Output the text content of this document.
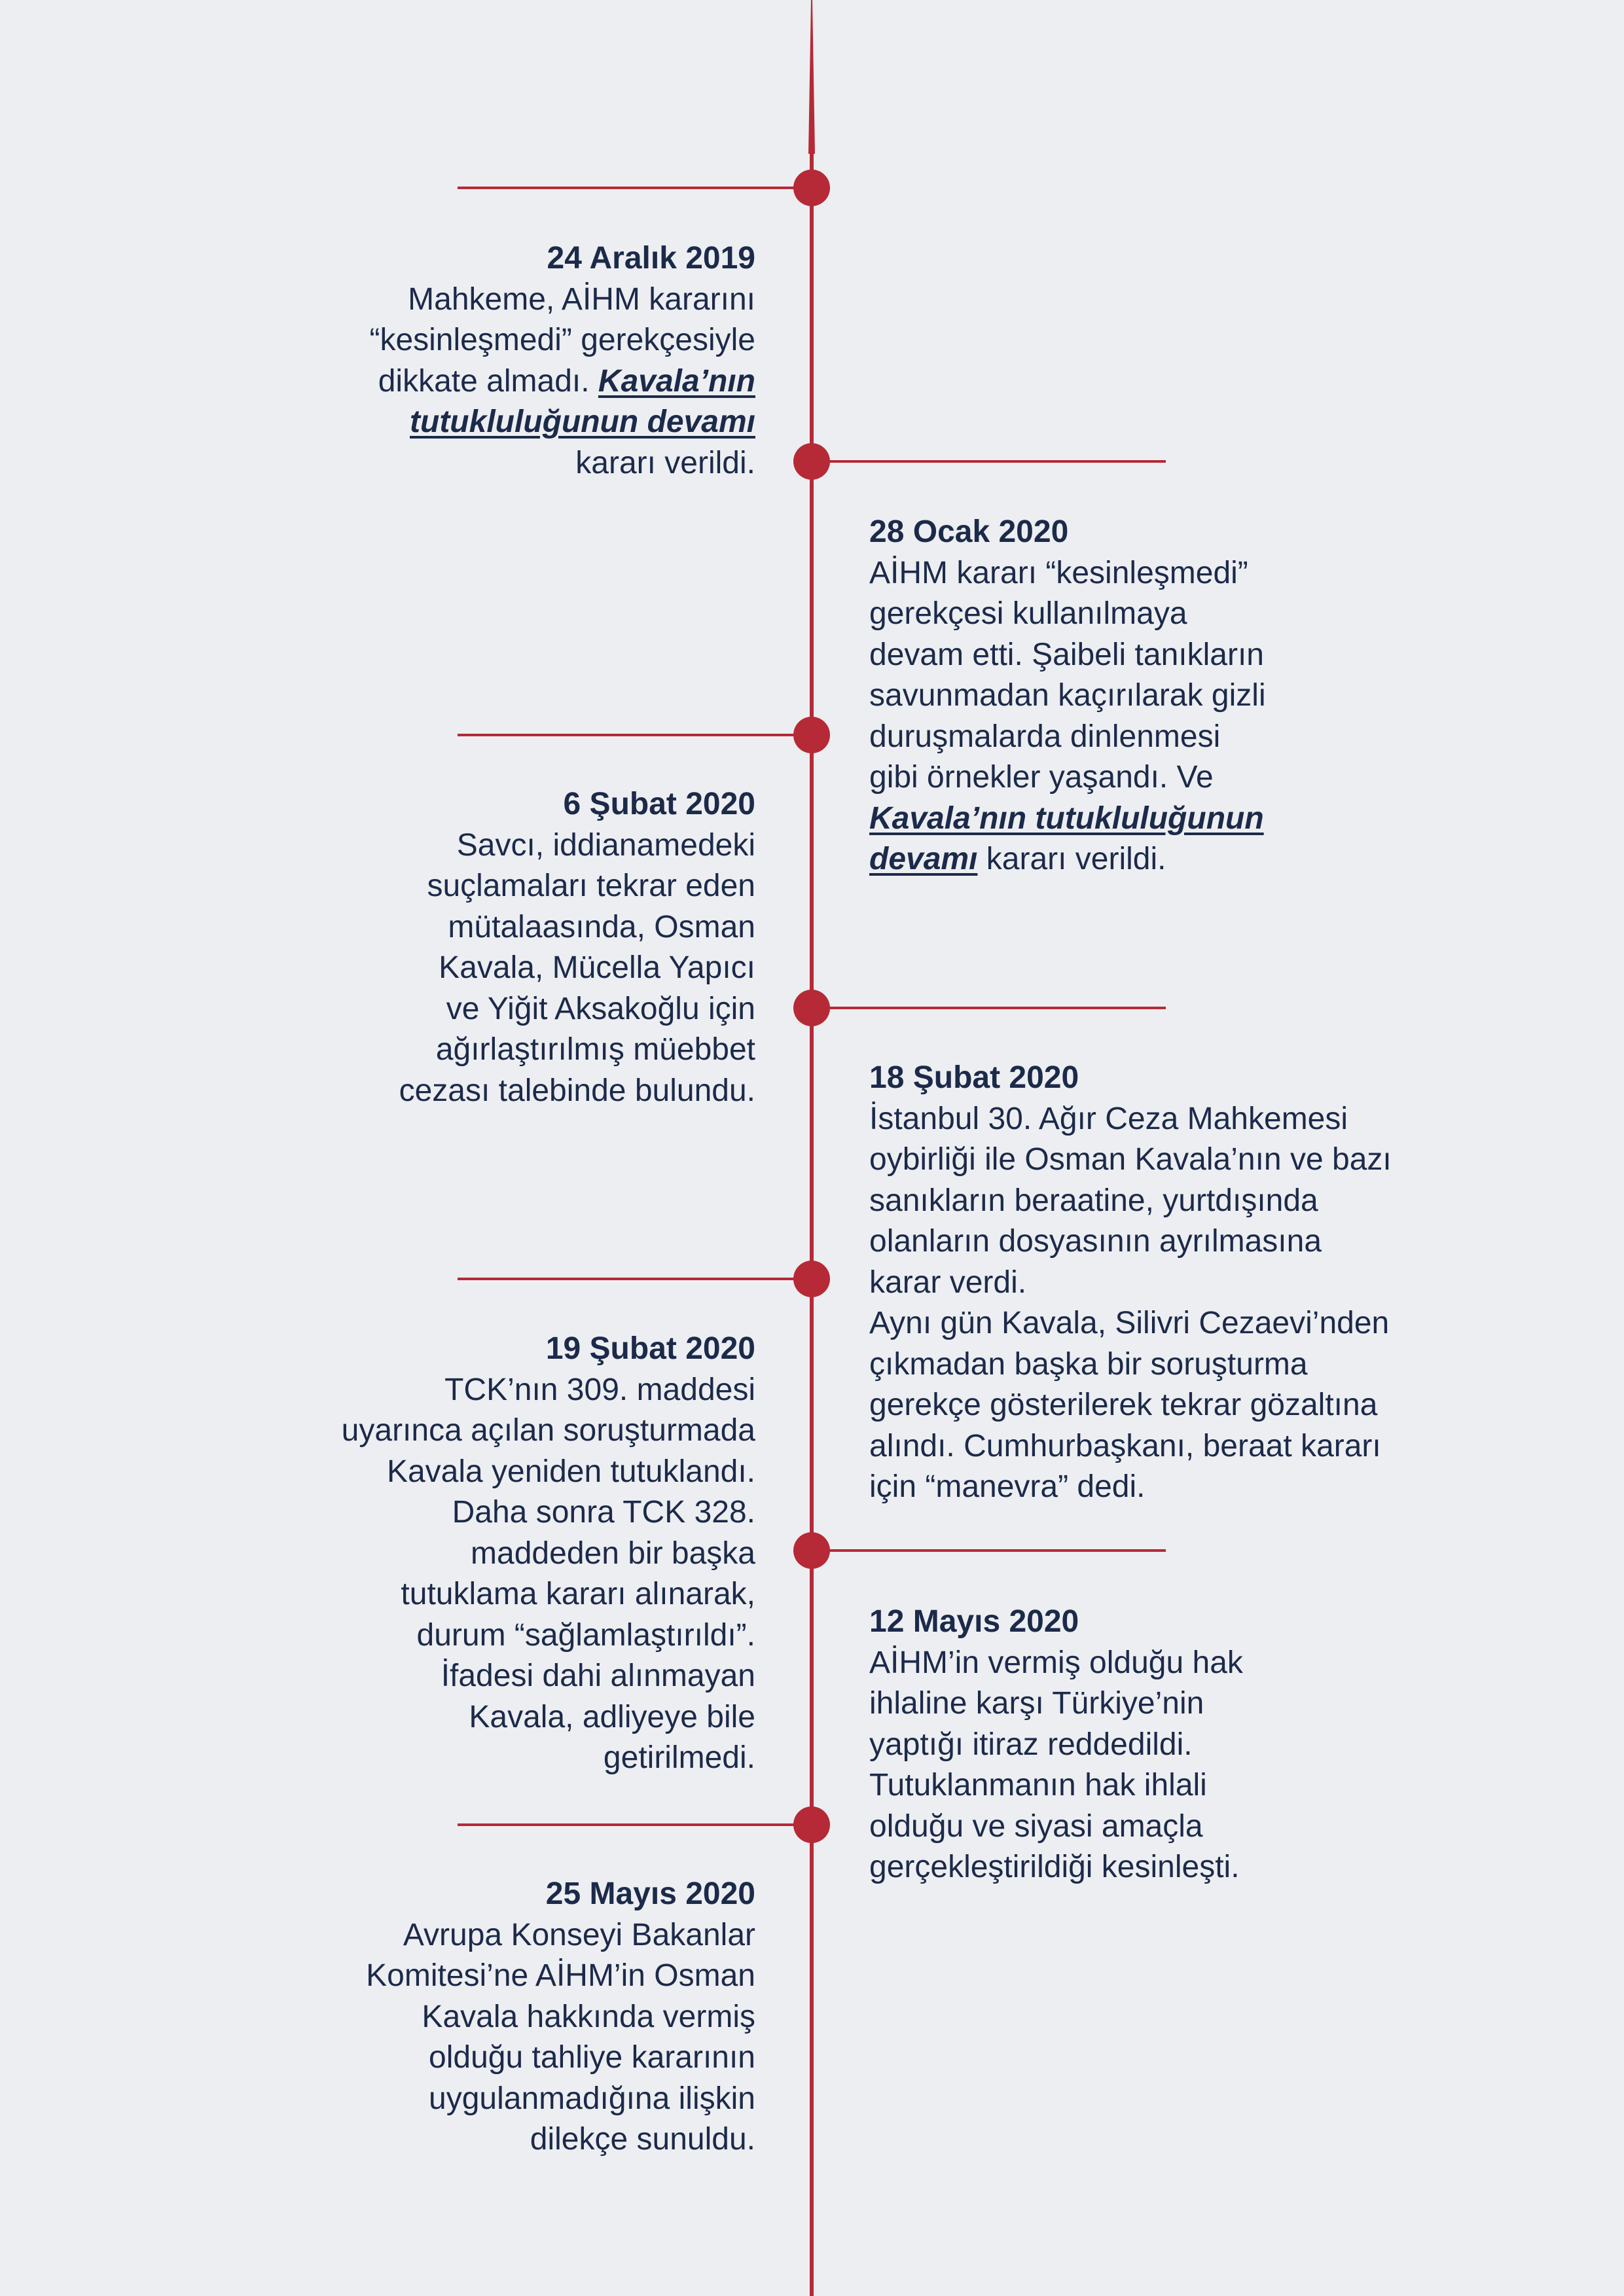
24 Aralık 2019
Mahkeme, AİHM kararını
“kesinleşmedi” gerekçesiyle
dikkate almadı. Kavala’nın
tutukluluğunun devamı
kararı verildi.
28 Ocak 2020
AİHM kararı “kesinleşmedi”
gerekçesi kullanılmaya
devam etti. Şaibeli tanıkların
savunmadan kaçırılarak gizli
duruşmalarda dinlenmesi
gibi örnekler yaşandı. Ve
Kavala’nın tutukluluğunun
devamı kararı verildi.
6 Şubat 2020
Savcı, iddianamedeki
suçlamaları tekrar eden
mütalaasında, Osman
Kavala, Mücella Yapıcı
ve Yiğit Aksakoğlu için
ağırlaştırılmış müebbet
cezası talebinde bulundu.	18 Şubat 2020
İstanbul 30. Ağır Ceza Mahkemesi
oybirliği ile Osman Kavala’nın ve bazı
sanıkların beraatine, yurtdışında
olanların dosyasının ayrılmasına
karar verdi.
Aynı gün Kavala, Silivri Cezaevi’nden
çıkmadan başka bir soruşturma
gerekçe gösterilerek tekrar gözaltına
alındı. Cumhurbaşkanı, beraat kararı
için “manevra” dedi.
19 Şubat 2020
TCK’nın 309. maddesi
uyarınca açılan soruşturmada
Kavala yeniden tutuklandı.
Daha sonra TCK 328.
maddeden bir başka
tutuklama kararı alınarak,
durum “sağlamlaştırıldı”.
İfadesi dahi alınmayan
Kavala, adliyeye bile
getirilmedi.
12 Mayıs 2020
AİHM’in vermiş olduğu hak
ihlaline karşı Türkiye’nin
yaptığı itiraz reddedildi.
Tutuklanmanın hak ihlali
olduğu ve siyasi amaçla
gerçekleştirildiği kesinleşti.
25 Mayıs 2020
Avrupa Konseyi Bakanlar
Komitesi’ne AİHM’in Osman
Kavala hakkında vermiş
olduğu tahliye kararının
uygulanmadığına ilişkin
dilekçe sunuldu.
